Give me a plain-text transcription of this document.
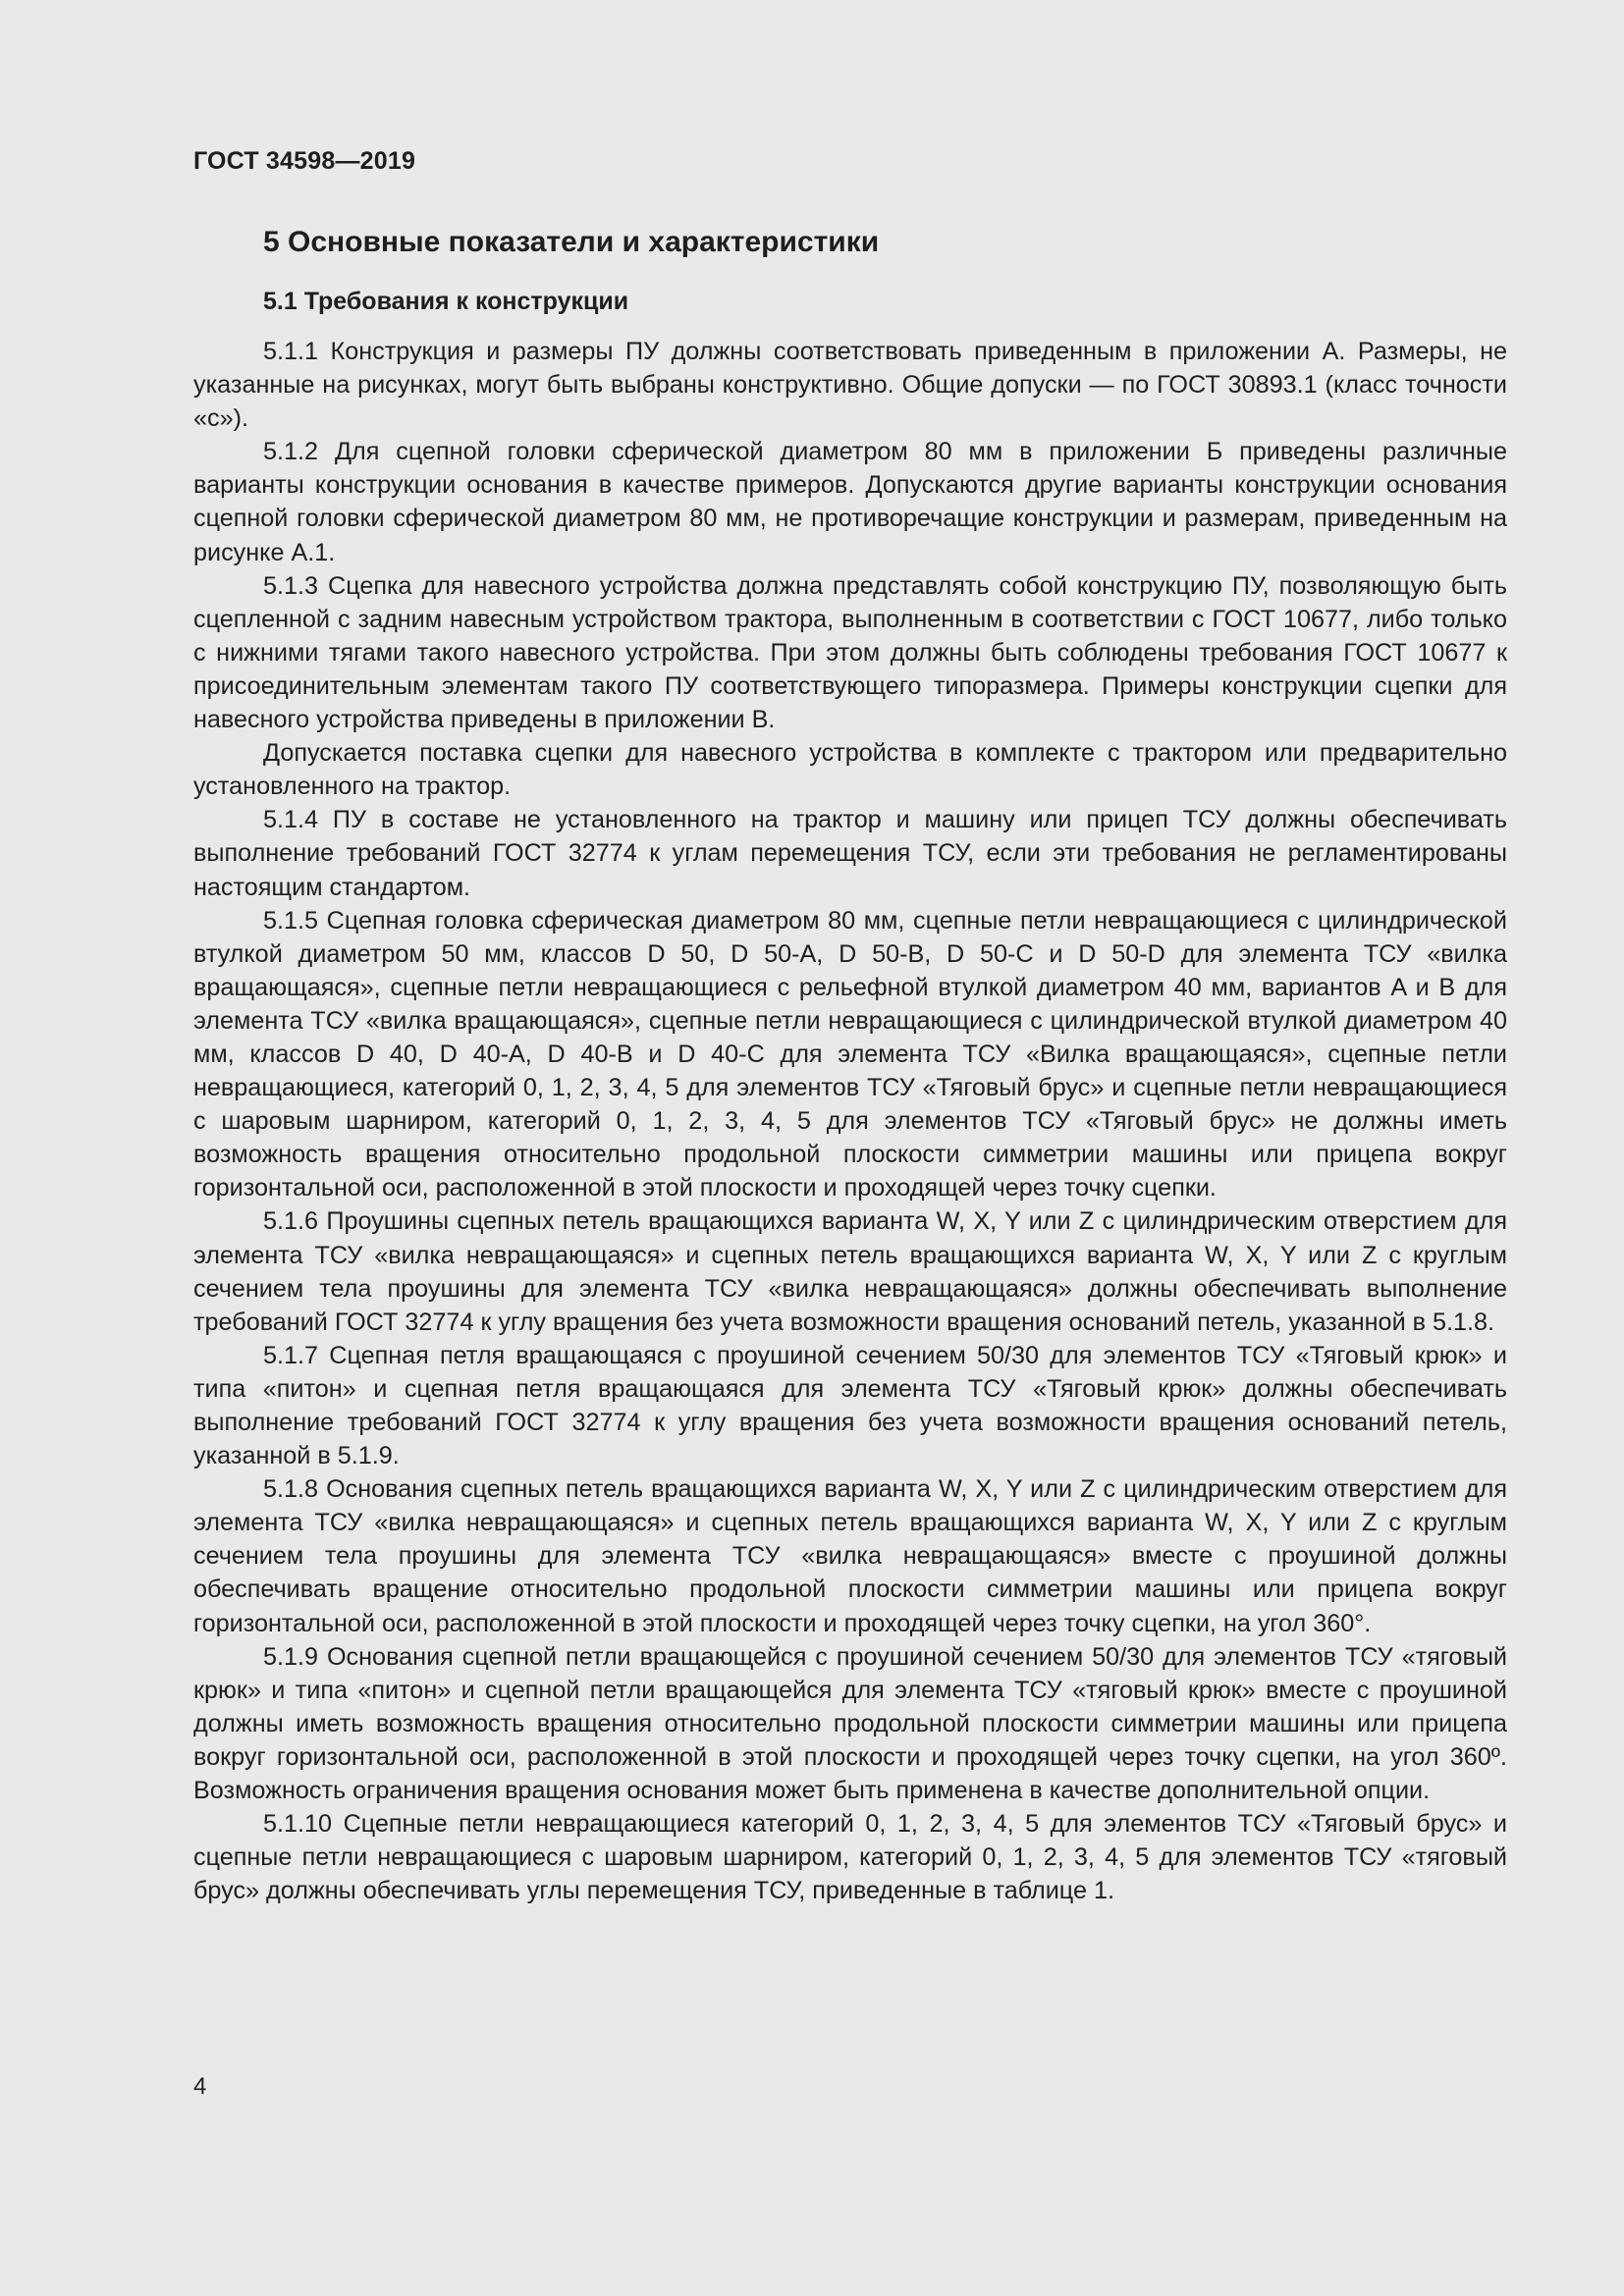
ГОСТ 34598—2019
5 Основные показатели и характеристики
5.1 Требования к конструкции

5.1.1 Конструкция и размеры ПУ должны соответствовать приведенным в приложении А. Размеры, не указанные на рисунках, могут быть выбраны конструктивно. Общие допуски — по ГОСТ 30893.1 (класс точности «с»).

5.1.2 Для сцепной головки сферической диаметром 80 мм в приложении Б приведены различные варианты конструкции основания в качестве примеров. Допускаются другие варианты конструкции основания сцепной головки сферической диаметром 80 мм, не противоречащие конструкции и размерам, приведенным на рисунке А.1.

5.1.3 Сцепка для навесного устройства должна представлять собой конструкцию ПУ, позволяющую быть сцепленной с задним навесным устройством трактора, выполненным в соответствии с ГОСТ 10677, либо только с нижними тягами такого навесного устройства. При этом должны быть соблюдены требования ГОСТ 10677 к присоединительным элементам такого ПУ соответствующего типоразмера. Примеры конструкции сцепки для навесного устройства приведены в приложении В.

Допускается поставка сцепки для навесного устройства в комплекте с трактором или предварительно установленного на трактор.

5.1.4 ПУ в составе не установленного на трактор и машину или прицеп ТСУ должны обеспечивать выполнение требований ГОСТ 32774 к углам перемещения ТСУ, если эти требования не регламентированы настоящим стандартом.

5.1.5 Сцепная головка сферическая диаметром 80 мм, сцепные петли невращающиеся с цилиндрической втулкой диаметром 50 мм, классов D 50, D 50-A, D 50-B, D 50-C и D 50-D для элемента ТСУ «вилка вращающаяся», сцепные петли невращающиеся с рельефной втулкой диаметром 40 мм, вариантов A и B для элемента ТСУ «вилка вращающаяся», сцепные петли невращающиеся с цилиндрической втулкой диаметром 40 мм, классов D 40, D 40-A, D 40-B и D 40-C для элемента ТСУ «Вилка вращающаяся», сцепные петли невращающиеся, категорий 0, 1, 2, 3, 4, 5 для элементов ТСУ «Тяговый брус» и сцепные петли невращающиеся с шаровым шарниром, категорий 0, 1, 2, 3, 4, 5 для элементов ТСУ «Тяговый брус» не должны иметь возможность вращения относительно продольной плоскости симметрии машины или прицепа вокруг горизонтальной оси, расположенной в этой плоскости и проходящей через точку сцепки.

5.1.6 Проушины сцепных петель вращающихся варианта W, X, Y или Z с цилиндрическим отверстием для элемента ТСУ «вилка невращающаяся» и сцепных петель вращающихся варианта W, X, Y или Z с круглым сечением тела проушины для элемента ТСУ «вилка невращающаяся» должны обеспечивать выполнение требований ГОСТ 32774 к углу вращения без учета возможности вращения оснований петель, указанной в 5.1.8.

5.1.7 Сцепная петля вращающаяся с проушиной сечением 50/30 для элементов ТСУ «Тяговый крюк» и типа «питон» и сцепная петля вращающаяся для элемента ТСУ «Тяговый крюк» должны обеспечивать выполнение требований ГОСТ 32774 к углу вращения без учета возможности вращения оснований петель, указанной в 5.1.9.

5.1.8 Основания сцепных петель вращающихся варианта W, X, Y или Z с цилиндрическим отверстием для элемента ТСУ «вилка невращающаяся» и сцепных петель вращающихся варианта W, X, Y или Z с круглым сечением тела проушины для элемента ТСУ «вилка невращающаяся» вместе с проушиной должны обеспечивать вращение относительно продольной плоскости симметрии машины или прицепа вокруг горизонтальной оси, расположенной в этой плоскости и проходящей через точку сцепки, на угол 360°.

5.1.9 Основания сцепной петли вращающейся с проушиной сечением 50/30 для элементов ТСУ «тяговый крюк» и типа «питон» и сцепной петли вращающейся для элемента ТСУ «тяговый крюк» вместе с проушиной должны иметь возможность вращения относительно продольной плоскости симметрии машины или прицепа вокруг горизонтальной оси, расположенной в этой плоскости и проходящей через точку сцепки, на угол 360º. Возможность ограничения вращения основания может быть применена в качестве дополнительной опции.

5.1.10 Сцепные петли невращающиеся категорий 0, 1, 2, 3, 4, 5 для элементов ТСУ «Тяговый брус» и сцепные петли невращающиеся с шаровым шарниром, категорий 0, 1, 2, 3, 4, 5 для элементов ТСУ «тяговый брус» должны обеспечивать углы перемещения ТСУ, приведенные в таблице 1.

4
